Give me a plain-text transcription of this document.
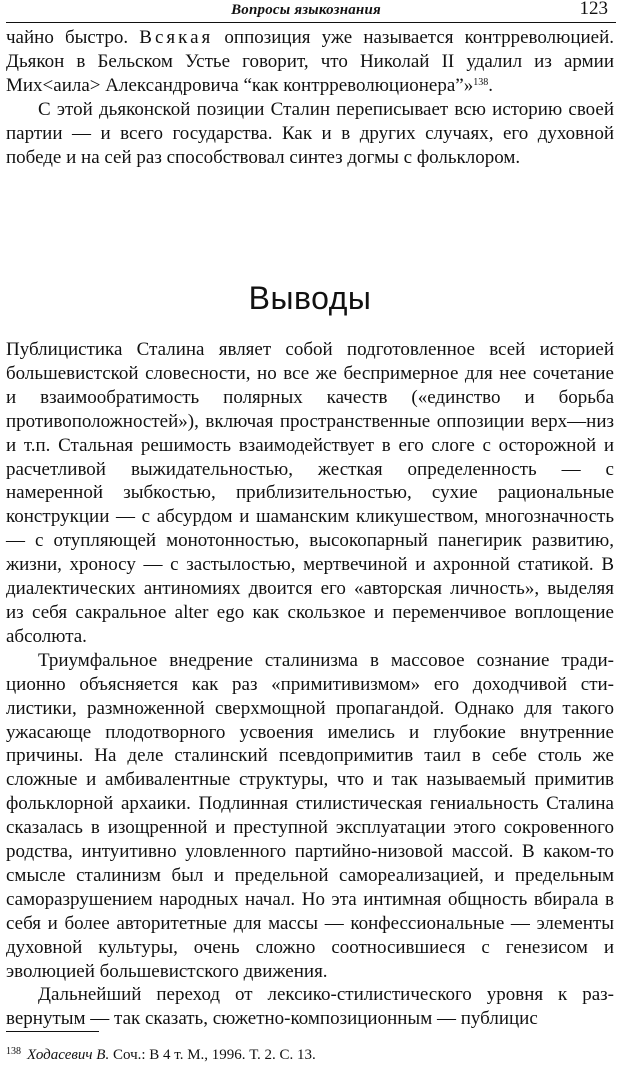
Вопросы языкознания	123

чайно быстро. Всякая оппозиция уже называется контрреволюцией. Дьякон в Бельском Устье говорит, что Николай II удалил из армии Мих<аила> Александровича “как контрреволюционера”»$^{138}$.

С этой дьяконской позиции Сталин переписывает всю историю своей партии — и всего государства. Как и в других случаях, его духовной победе и на сей раз способствовал синтез догмы с фольклором.

Выводы

Публицистика Сталина являет собой подготовленное всей историей большевистской словесности, но все же беспримерное для нее сочетание и взаимообратимость полярных качеств («единство и борьба противоположностей»), включая пространственные оппозиции верх—низ и т.п. Стальная решимость взаимодействует в его слоге с осторожной и расчетливой выжидательностью, жесткая определенность — с намеренной зыбкостью, приблизительностью, сухие рациональные конструкции — с абсурдом и шаманским кликушеством, многозначность — с отупляющей монотонностью, высокопарный панегирик развитию, жизни, хроносу — с застылостью, мертвечиной и ахронной статикой. В диалектических антиномиях двоится его «авторская личность», выделяя из себя сакральное alter ego как скользкое и переменчивое воплощение абсолюта.

Триумфальное внедрение сталинизма в массовое сознание традиционно объясняется как раз «примитивизмом» его доходчивой стилистики, размноженной сверхмощной пропагандой. Однако для такого ужасающе плодотворного усвоения имелись и глубокие внутренние причины. На деле сталинский псевдопримитив таил в себе столь же сложные и амбивалентные структуры, что и так называемый примитив фольклорной архаики. Подлинная стилистическая гениальность Сталина сказалась в изощренной и преступной эксплуатации этого сокровенного родства, интуитивно уловленного партийно-низовой массой. В каком-то смысле сталинизм был и предельной самореализацией, и предельным саморазрушением народных начал. Но эта интимная общность вбирала в себя и более авторитетные для массы — конфессиональные — элементы духовной культуры, очень сложно соотносившиеся с генезисом и эволюцией большевистского движения.

Дальнейший переход от лексико-стилистического уровня к развернутым — так сказать, сюжетно-композиционным — публицис

$^{138}$ Ходасевич В. Соч.: В 4 т. М., 1996. Т. 2. С. 13.
